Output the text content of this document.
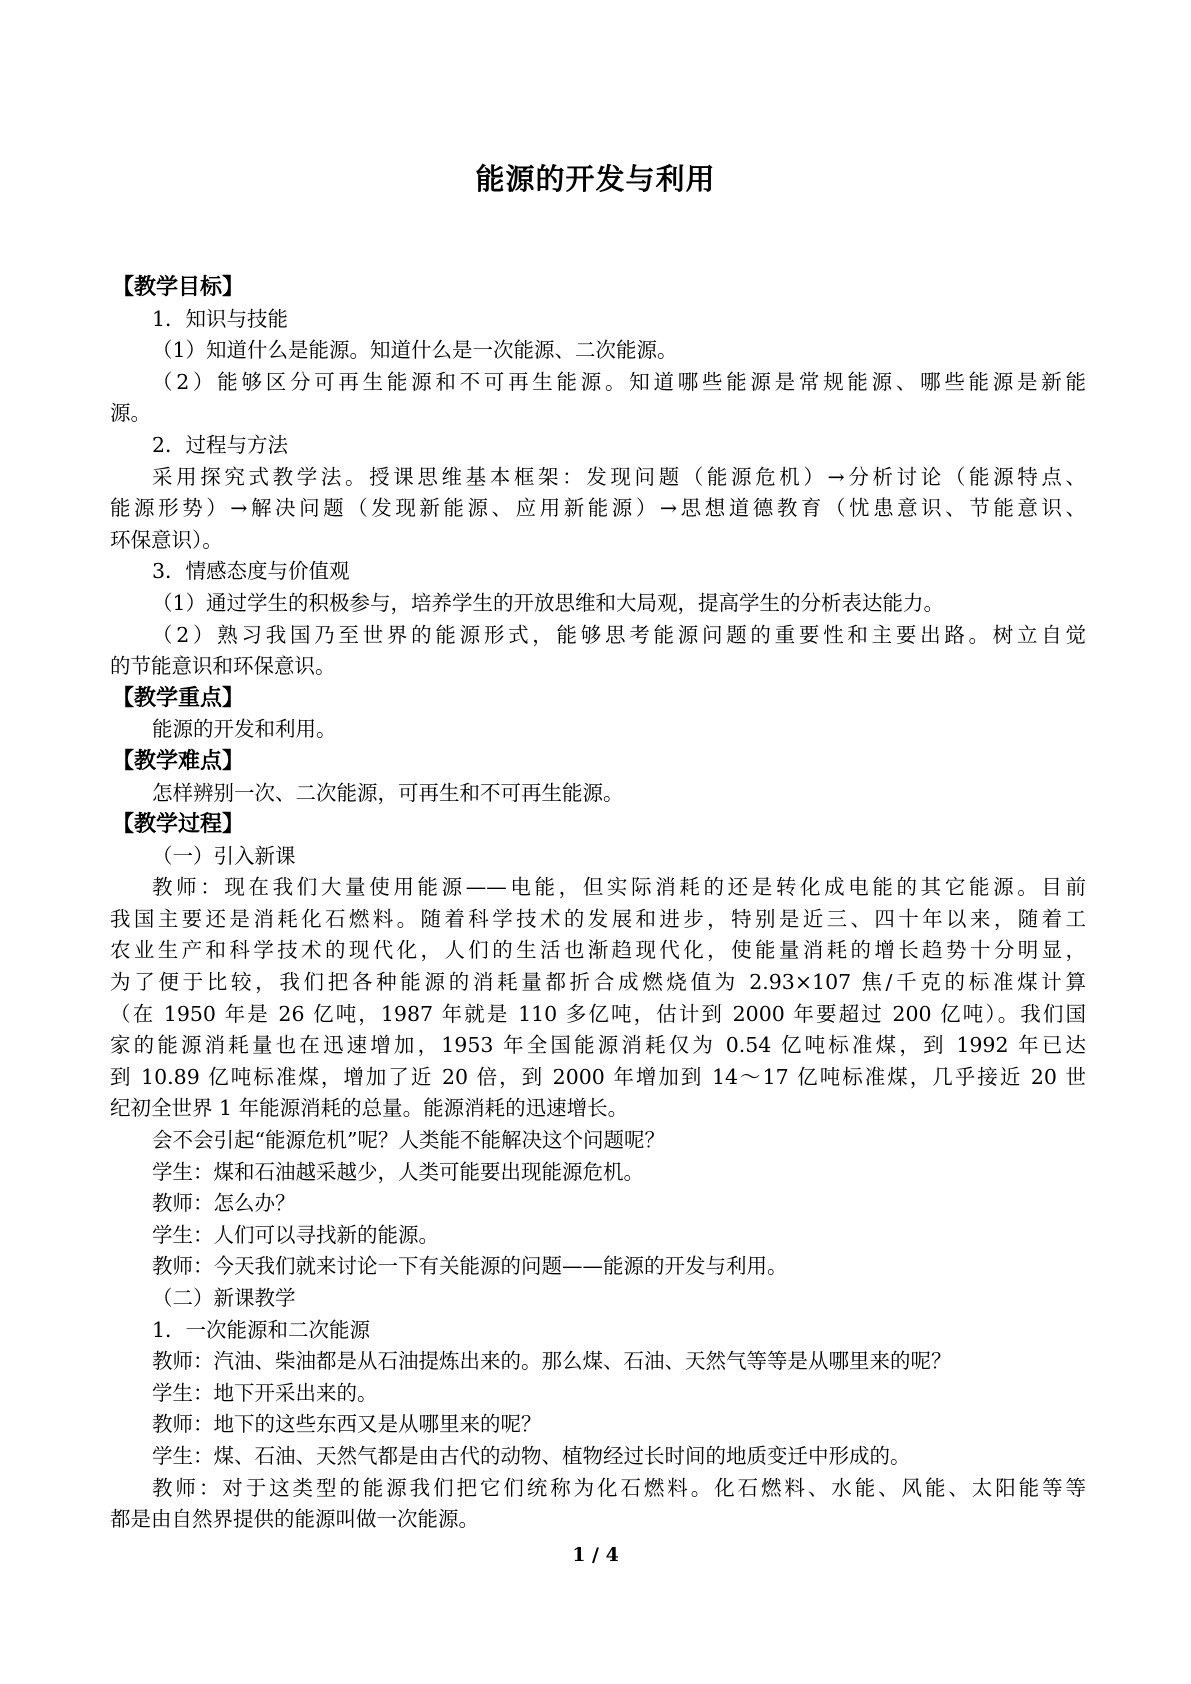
能源的开发与利用
【教学目标】
1．知识与技能
（1）知道什么是能源。知道什么是一次能源、二次能源。
（2）能够区分可再生能源和不可再生能源。知道哪些能源是常规能源、哪些能源是新能
源。
2．过程与方法
采用探究式教学法。授课思维基本框架：发现问题（能源危机）→分析讨论（能源特点、
能源形势）→解决问题（发现新能源、应用新能源）→思想道德教育（忧患意识、节能意识、
环保意识）。
3．情感态度与价值观
（1）通过学生的积极参与，培养学生的开放思维和大局观，提高学生的分析表达能力。
（2）熟习我国乃至世界的能源形式，能够思考能源问题的重要性和主要出路。树立自觉
的节能意识和环保意识。
【教学重点】
能源的开发和利用。
【教学难点】
怎样辨别一次、二次能源，可再生和不可再生能源。
【教学过程】
（一）引入新课
教师：现在我们大量使用能源——电能，但实际消耗的还是转化成电能的其它能源。目前
我国主要还是消耗化石燃料。随着科学技术的发展和进步，特别是近三、四十年以来，随着工
农业生产和科学技术的现代化，人们的生活也渐趋现代化，使能量消耗的增长趋势十分明显，
为了便于比较，我们把各种能源的消耗量都折合成燃烧值为 2.93×107 焦/千克的标准煤计算
（在 1950 年是 26 亿吨，1987 年就是 110 多亿吨，估计到 2000 年要超过 200 亿吨）。我们国
家的能源消耗量也在迅速增加，1953 年全国能源消耗仅为 0.54 亿吨标准煤，到 1992 年已达
到 10.89 亿吨标准煤，增加了近 20 倍，到 2000 年增加到 14～17 亿吨标准煤，几乎接近 20 世
纪初全世界 1 年能源消耗的总量。能源消耗的迅速增长。
会不会引起“能源危机”呢？人类能不能解决这个问题呢？
学生：煤和石油越采越少，人类可能要出现能源危机。
教师：怎么办？
学生：人们可以寻找新的能源。
教师：今天我们就来讨论一下有关能源的问题——能源的开发与利用。
（二）新课教学
1．一次能源和二次能源
教师：汽油、柴油都是从石油提炼出来的。那么煤、石油、天然气等等是从哪里来的呢？
学生：地下开采出来的。
教师：地下的这些东西又是从哪里来的呢？
学生：煤、石油、天然气都是由古代的动物、植物经过长时间的地质变迁中形成的。
教师：对于这类型的能源我们把它们统称为化石燃料。化石燃料、水能、风能、太阳能等等
都是由自然界提供的能源叫做一次能源。
1 / 4
